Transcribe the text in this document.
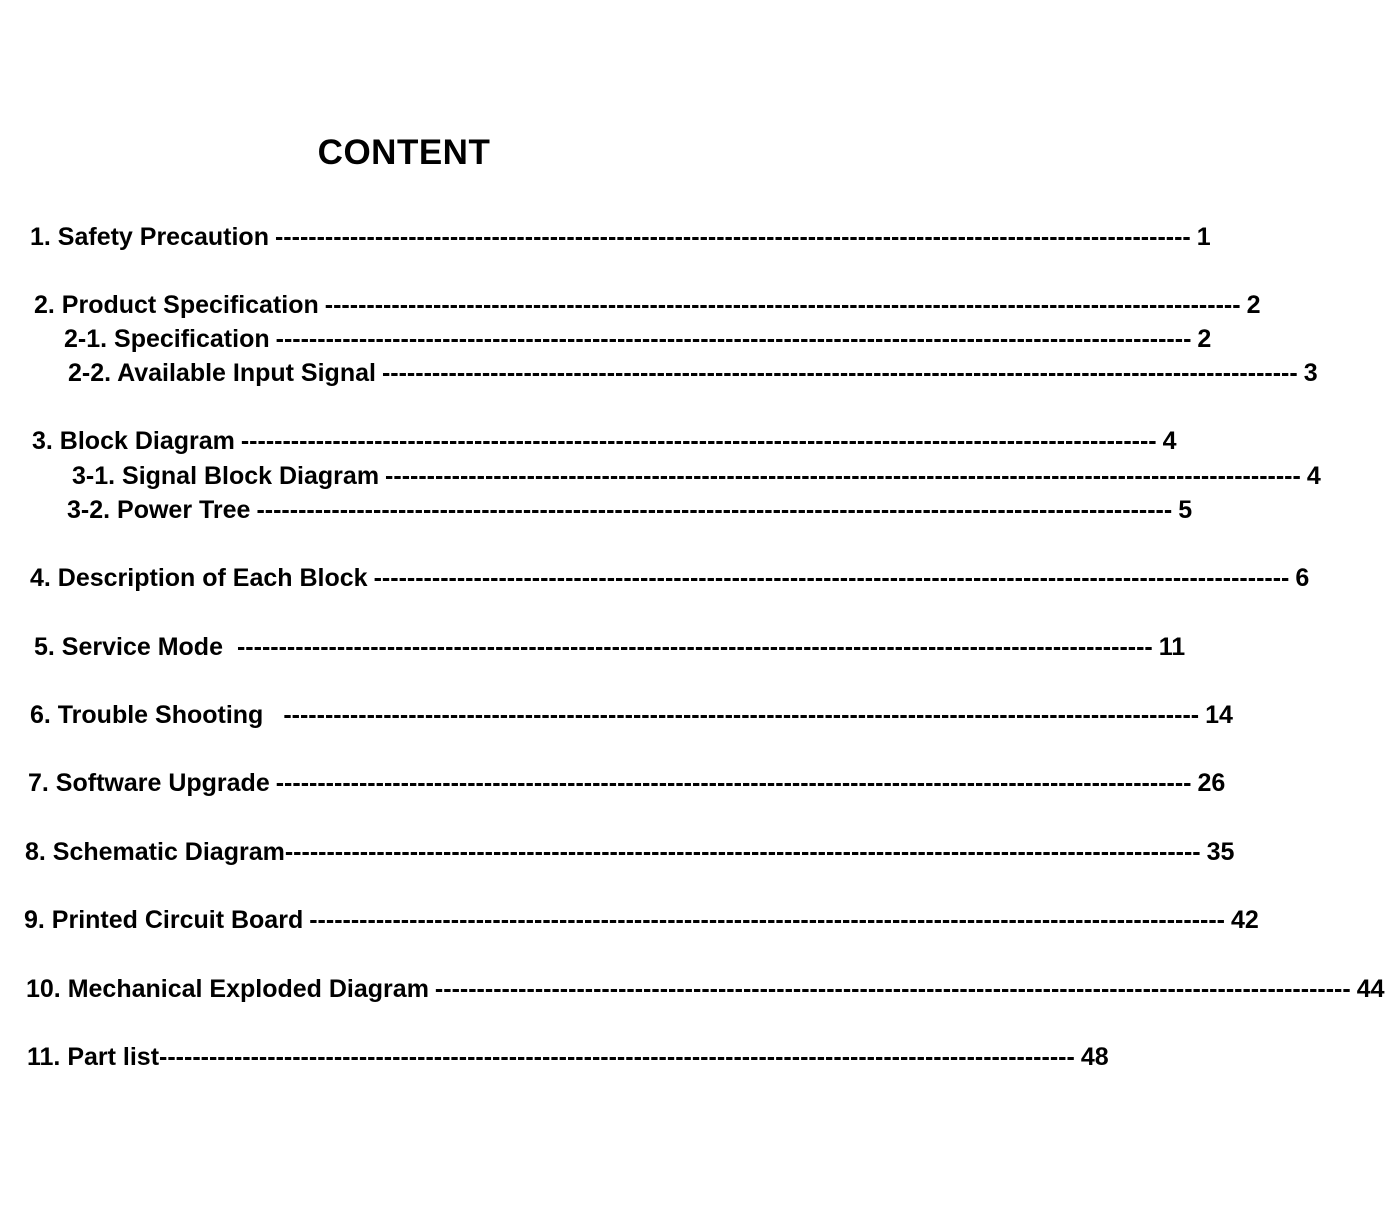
CONTENT
1. Safety Precaution -------------------------------------------------------------------------------------------------------------- 1
2. Product Specification -------------------------------------------------------------------------------------------------------------- 2
2-1. Specification -------------------------------------------------------------------------------------------------------------- 2
2-2. Available Input Signal -------------------------------------------------------------------------------------------------------------- 3
3. Block Diagram -------------------------------------------------------------------------------------------------------------- 4
3-1. Signal Block Diagram -------------------------------------------------------------------------------------------------------------- 4
3-2. Power Tree -------------------------------------------------------------------------------------------------------------- 5
4. Description of Each Block -------------------------------------------------------------------------------------------------------------- 6
5. Service Mode -------------------------------------------------------------------------------------------------------------- 11
6. Trouble Shooting -------------------------------------------------------------------------------------------------------------- 14
7. Software Upgrade -------------------------------------------------------------------------------------------------------------- 26
8. Schematic Diagram -------------------------------------------------------------------------------------------------------------- 35
9. Printed Circuit Board -------------------------------------------------------------------------------------------------------------- 42
10. Mechanical Exploded Diagram -------------------------------------------------------------------------------------------------------------- 44
11. Part list -------------------------------------------------------------------------------------------------------------- 48
